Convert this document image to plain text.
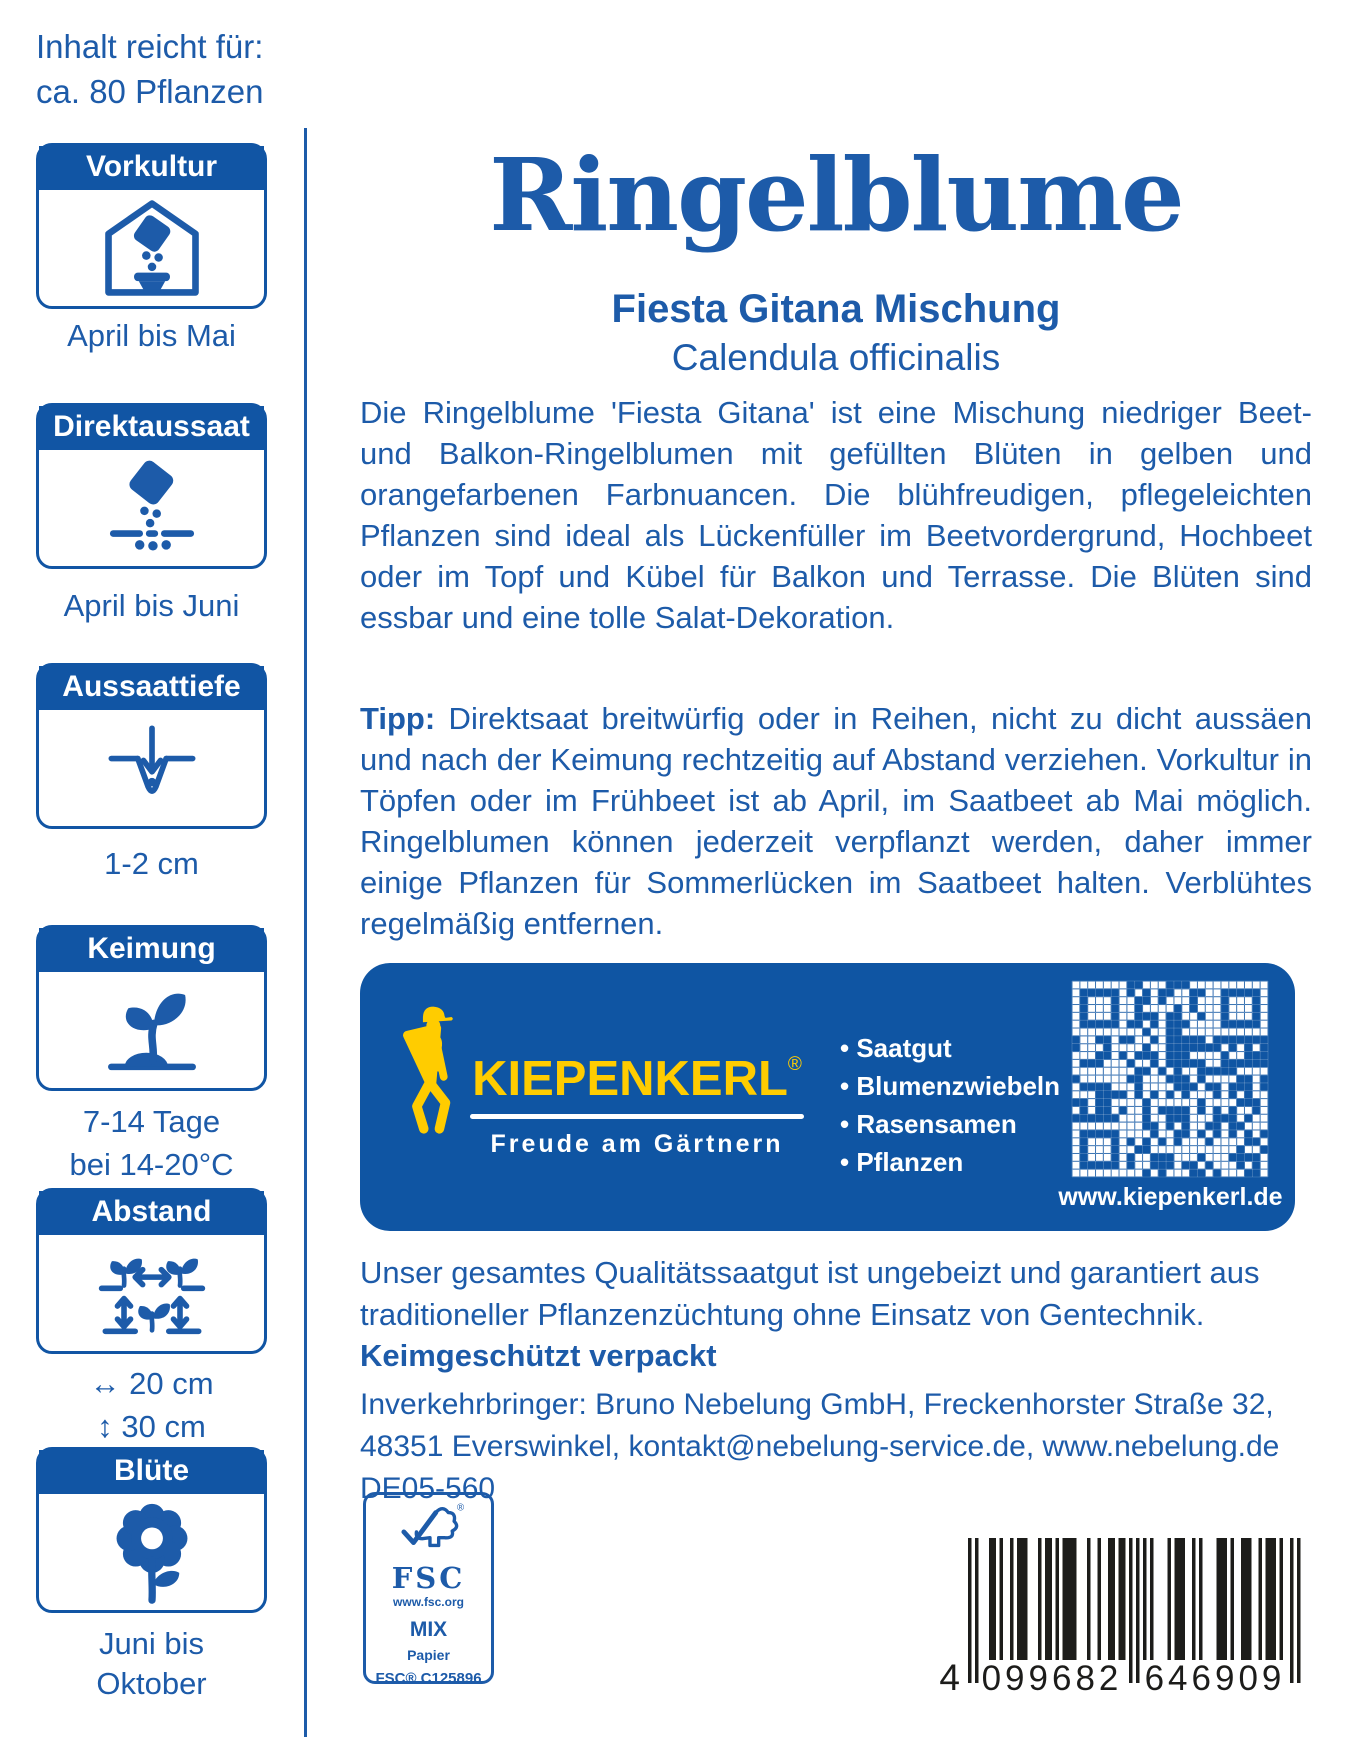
Inhalt reicht für:
ca. 80 Pflanzen
Vorkultur
April bis Mai
Direktaussaat
April bis Juni
Aussaattiefe
1-2 cm
Keimung
7-14 Tage
bei 14-20°C
Abstand
↔ 20 cm
↕ 30 cm
Blüte
Juni bis
Oktober
Ringelblume
Fiesta Gitana Mischung
Calendula officinalis

Die Ringelblume 'Fiesta Gitana' ist eine Mischung niedriger Beet- und Balkon-Ringelblumen mit gefüllten Blüten in gelben und orangefarbenen Farbnuancen. Die blühfreudigen, pflegeleichten Pflanzen sind ideal als Lückenfüller im Beetvordergrund, Hochbeet oder im Topf und Kübel für Balkon und Terrasse. Die Blüten sind essbar und eine tolle Salat-Dekoration.

Tipp: Direktsaat breitwürfig oder in Reihen, nicht zu dicht aussäen und nach der Keimung rechtzeitig auf Abstand verziehen. Vorkultur in Töpfen oder im Frühbeet ist ab April, im Saatbeet ab Mai möglich. Ringelblumen können jederzeit verpflanzt werden, daher immer einige Pflanzen für Sommerlücken im Saatbeet halten. Verblühtes regelmäßig entfernen.

KIEPENKERL®
Freude am Gärtnern
• Saatgut
• Blumenzwiebeln
• Rasensamen
• Pflanzen
www.kiepenkerl.de

Unser gesamtes Qualitätssaatgut ist ungebeizt und garantiert aus traditioneller Pflanzenzüchtung ohne Einsatz von Gentechnik.

Keimgeschützt verpackt
Inverkehrbringer: Bruno Nebelung GmbH, Freckenhorster Straße 32,
48351 Everswinkel, kontakt@nebelung-service.de, www.nebelung.de
DE05-560
®
FSC
www.fsc.org
MIX
Papier
FSC® C125896	4 099682 646909
